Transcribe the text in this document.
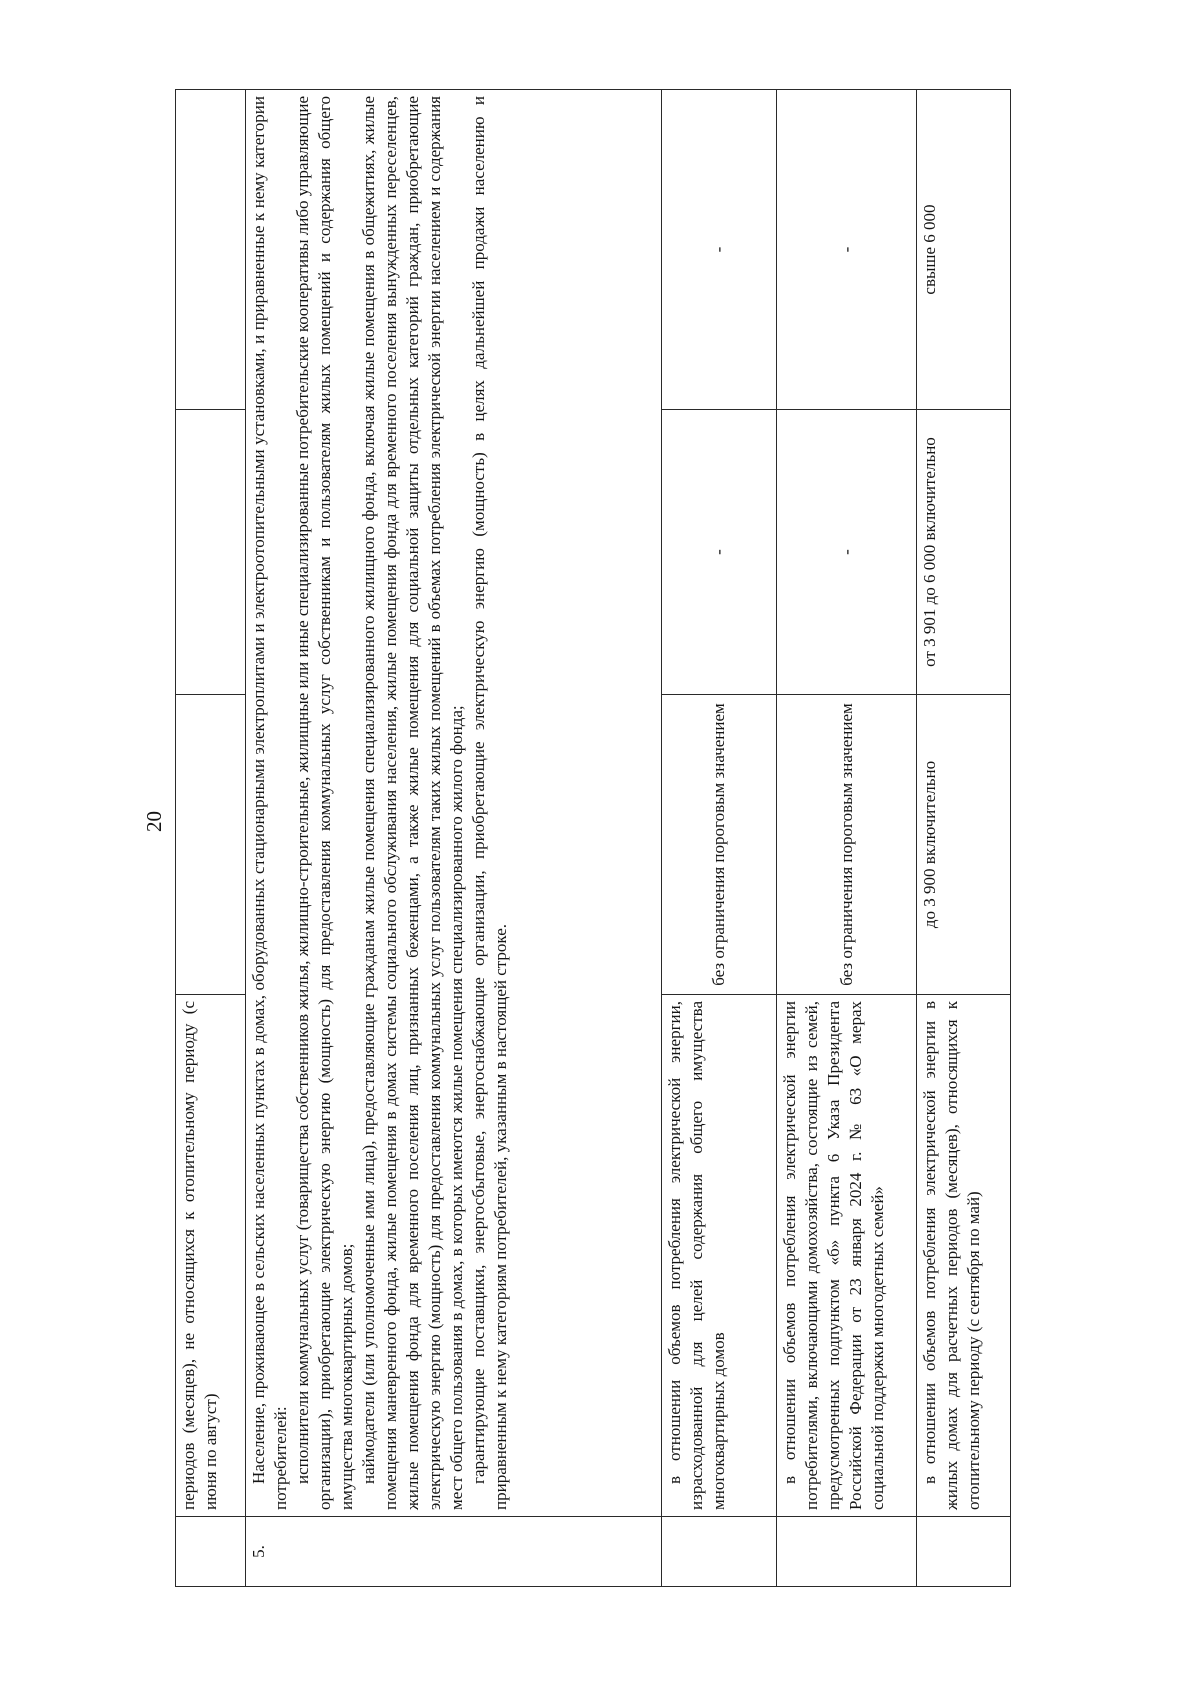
20
	периодов (месяцев), не относящихся к отопительному периоду (с июня по август)			
5.	Население, проживающее в сельских населенных пунктах в домах, оборудованных стационарными электроплитами и электроотопительными установками, и приравненные к нему категории потребителей: исполнители коммунальных услуг (товарищества собственников жилья, жилищно-строительные, жилищные или иные специализированные потребительские кооперативы либо управляющие организации), приобретающие электрическую энергию (мощность) для предоставления коммунальных услуг собственникам и пользователям жилых помещений и содержания общего имущества многоквартирных домов; наймодатели (или уполномоченные ими лица), предоставляющие гражданам жилые помещения специализированного жилищного фонда, включая жилые помещения в общежитиях, жилые помещения маневренного фонда, жилые помещения в домах системы социального обслуживания населения, жилые помещения фонда для временного поселения вынужденных переселенцев, жилые помещения фонда для временного поселения лиц, признанных беженцами, а также жилые помещения для социальной защиты отдельных категорий граждан, приобретающие электрическую энергию (мощность) для предоставления коммунальных услуг пользователям таких жилых помещений в объемах потребления электрической энергии населением и содержания мест общего пользования в домах, в которых имеются жилые помещения специализированного жилого фонда; гарантирующие поставщики, энергосбытовые, энергоснабжающие организации, приобретающие электрическую энергию (мощность) в целях дальнейшей продажи населению и приравненным к нему категориям потребителей, указанным в настоящей строке.			

	в отношении объемов потребления электрической энергии, израсходованной для целей содержания общего имущества многоквартирных домов	без ограничения пороговым значением	-	-
	в отношении объемов потребления электрической энергии потребителями, включающими домохозяйства, состоящие из семей, предусмотренных подпунктом «б» пункта 6 Указа Президента Российской Федерации от 23 января 2024 г. № 63 «О мерах социальной поддержки многодетных семей»	без ограничения пороговым значением	-	-
	в отношении объемов потребления электрической энергии в жилых домах для расчетных периодов (месяцев), относящихся к отопительному периоду (с сентября по май)	до 3 900 включительно	от 3 901 до 6 000 включительно	свыше 6 000
